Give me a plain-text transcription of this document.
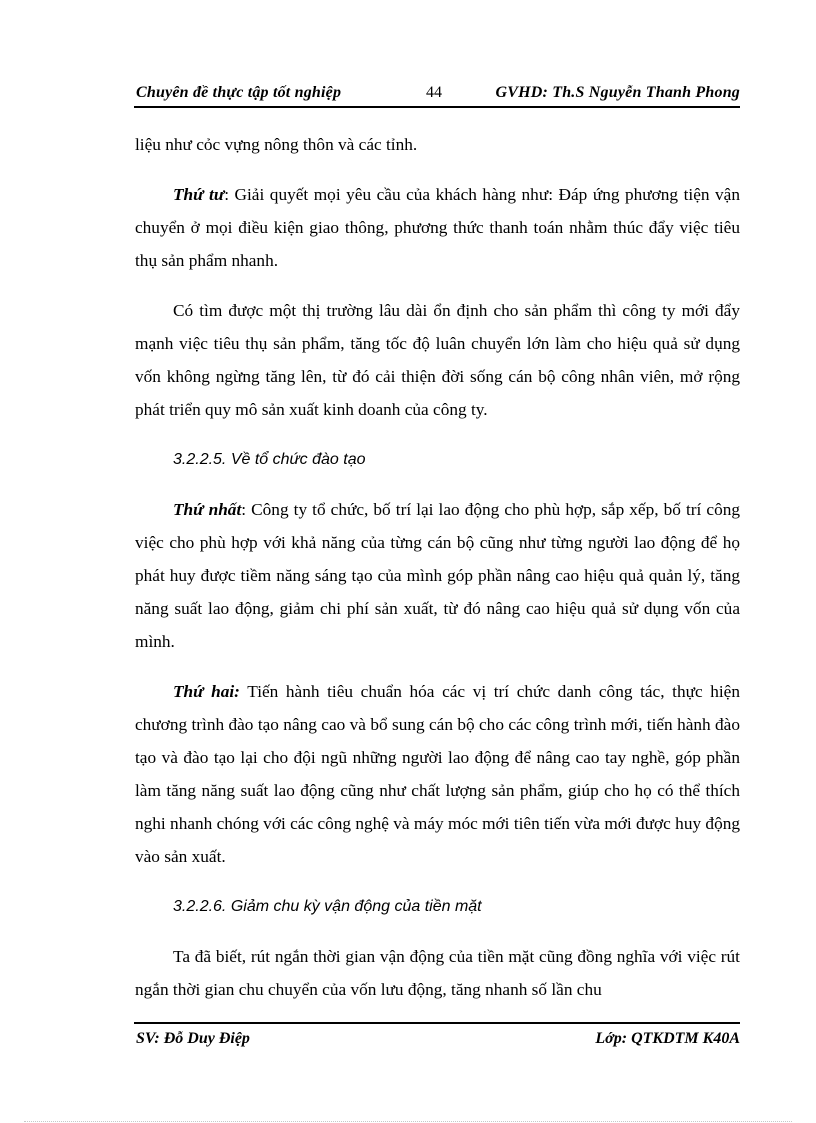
Chuyên đề thực tập tốt nghiệp	44	GVHD: Th.S Nguyễn Thanh Phong

liệu như cỏc vựng nông thôn và các tỉnh.

Thứ tư: Giải quyết mọi yêu cầu của khách hàng như: Đáp ứng phương tiện vận chuyển ở mọi điều kiện giao thông, phương thức thanh toán nhằm thúc đẩy việc tiêu thụ sản phẩm nhanh.

Có tìm được một thị trường lâu dài ổn định cho sản phẩm thì công ty mới đẩy mạnh việc tiêu thụ sản phẩm, tăng tốc độ luân chuyển lớn làm cho hiệu quả sử dụng vốn không ngừng tăng lên, từ đó cải thiện đời sống cán bộ công nhân viên, mở rộng phát triển quy mô sản xuất kinh doanh của công ty.

3.2.2.5. Về tổ chức đào tạo

Thứ nhất: Công ty tổ chức, bố trí lại lao động cho phù hợp, sắp xếp, bố trí công việc cho phù hợp với khả năng của từng cán bộ cũng như từng người lao động để họ phát huy được tiềm năng sáng tạo của mình góp phần nâng cao hiệu quả quản lý, tăng năng suất lao động, giảm chi phí sản xuất, từ đó nâng cao hiệu quả sử dụng vốn của mình.

Thứ hai: Tiến hành tiêu chuẩn hóa các vị trí chức danh công tác, thực hiện chương trình đào tạo nâng cao và bổ sung cán bộ cho các công trình mới, tiến hành đào tạo và đào tạo lại cho đội ngũ những người lao động để nâng cao tay nghề, góp phần làm tăng năng suất lao động cũng như chất lượng sản phẩm, giúp cho họ có thể thích nghi nhanh chóng với các công nghệ và máy móc mới tiên tiến vừa mới được huy động vào sản xuất.

3.2.2.6. Giảm chu kỳ vận động của tiền mặt

Ta đã biết, rút ngắn thời gian vận động của tiền mặt cũng đồng nghĩa với việc rút ngắn thời gian chu chuyển của vốn lưu động, tăng nhanh số lần chu

SV: Đỗ Duy Điệp	Lớp: QTKDTM K40A
